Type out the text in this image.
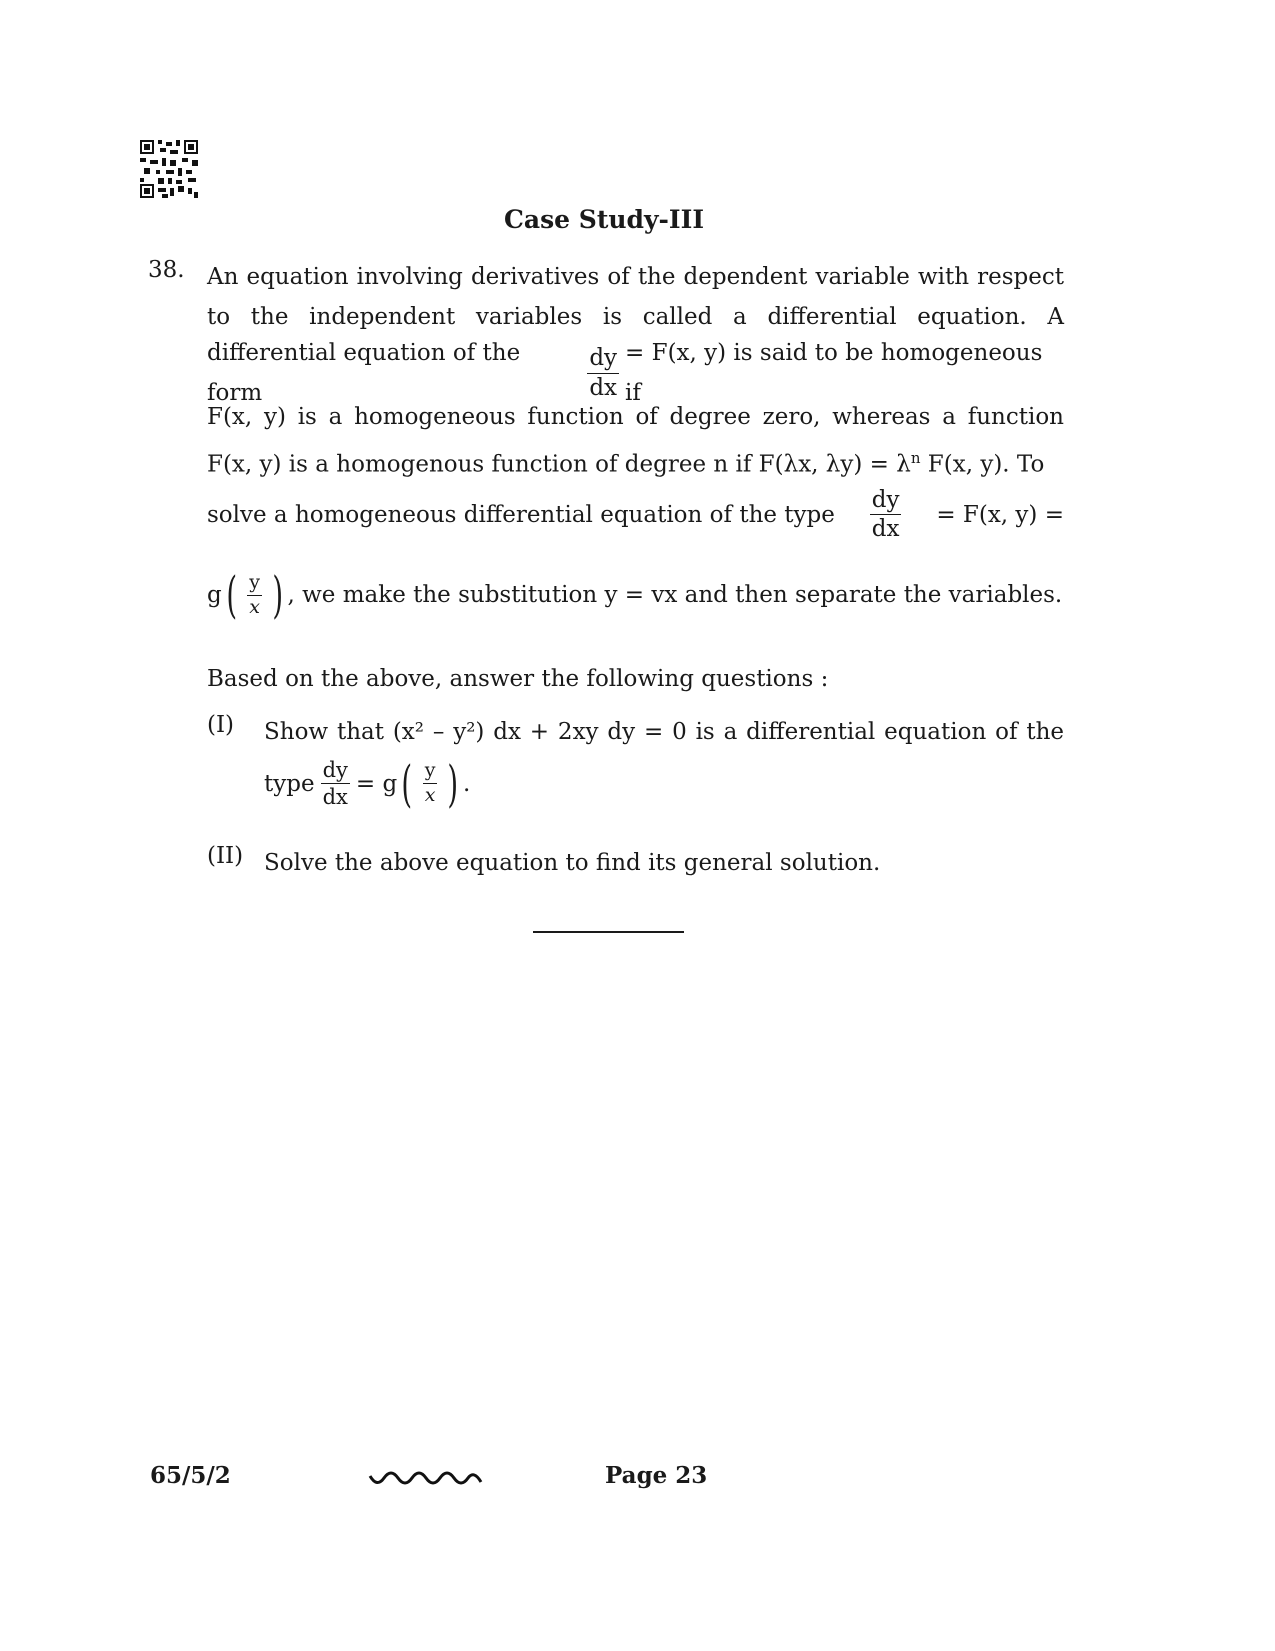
Case Study-III
38. An equation involving derivatives of the dependent variable with respect
to the independent variables is called a differential equation. A
differential equation of the form	$\frac{dy}{dx} = F(x$, y) is said to be homogeneous if
F(x, y) is a homogeneous function of degree zero, whereas a function
F(x, y) is a homogenous function of degree n if F(λx, $\lambda y) = \lambda^n$ F(x, y). To
solve a homogeneous differential equation of the type $\frac{dy}{dx} = F(x$, y) =
g ( $\frac{y}{x}$ ) , we make the substitution y = vx and then separate the variables.
Based on the above, answer the following questions :
(I) Show that (x² – y²) dx + 2xy dy = 0 is a differential equation of the
type $\frac{dy}{dx} = g$ ( $\frac{y}{x}$ ) .
(II) Solve the above equation to find its general solution.
65/5/2	Page 23
